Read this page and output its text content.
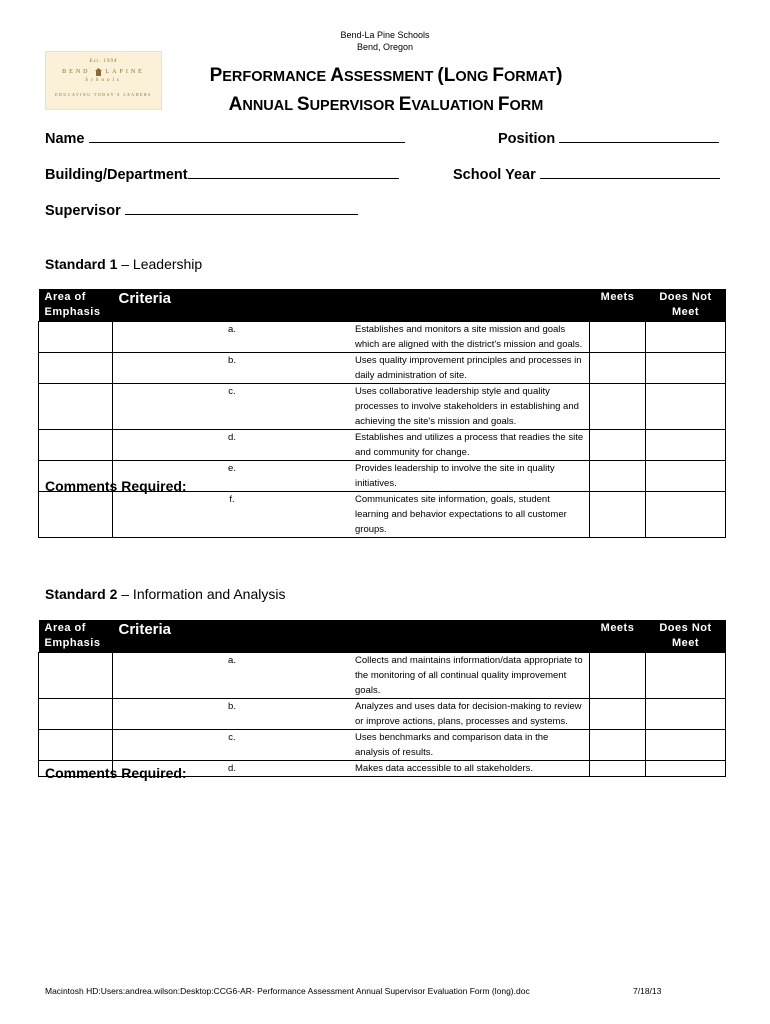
Bend-La Pine Schools
Bend, Oregon
Est. 1994
BEND	LAPINE
Schools
EDUCATING TODAY'S LEADERS
PERFORMANCE ASSESSMENT (LONG FORMAT)
ANNUAL SUPERVISOR EVALUATION FORM
Name	Position
Building/Department	School Year
Supervisor
Standard 1 – Leadership
Area of Emphasis	Criteria		Meets	Does Not Meet
	a.	Establishes and monitors a site mission and goals which are aligned with the district's mission and goals.		
	b.	Uses quality improvement principles and processes in daily administration of site.		
	c.	Uses collaborative leadership style and quality processes to involve stakeholders in establishing and achieving the site's mission and goals.		
	d.	Establishes and utilizes a process that readies the site and community for change.		
	e.	Provides leadership to involve the site in quality initiatives.		
	f.	Communicates site information, goals, student learning and behavior expectations to all customer groups.		
Comments Required:
Standard 2 – Information and Analysis
Area of Emphasis	Criteria		Meets	Does Not Meet
	a.	Collects and maintains information/data appropriate to the monitoring of all continual quality improvement goals.		
	b.	Analyzes and uses data for decision-making to review or improve actions, plans, processes and systems.		
	c.	Uses benchmarks and comparison data in the analysis of results.		
	d.	Makes data accessible to all stakeholders.		
Comments Required:
Macintosh HD:Users:andrea.wilson:Desktop:CCG6-AR- Performance Assessment Annual Supervisor Evaluation Form (long).doc	7/18/13
